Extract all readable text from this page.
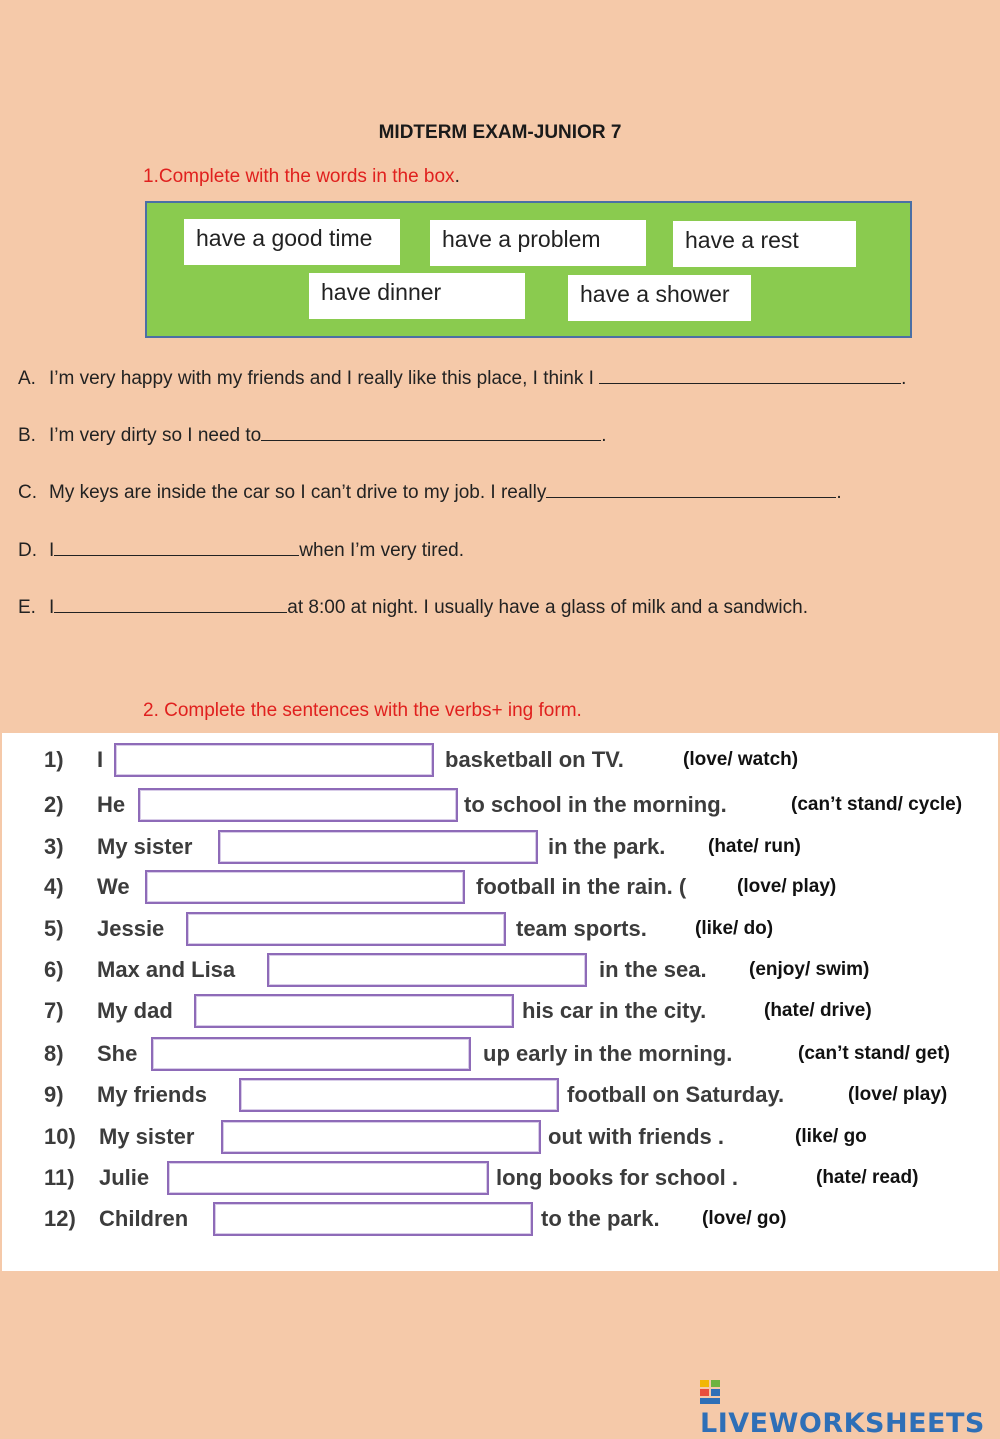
MIDTERM EXAM-JUNIOR 7
1.Complete with the words in the box.
have a good time	have a problem	have a rest
have dinner	have a shower
A. I’m very happy with my friends and I really like this place, I think I	.
B. I’m very dirty so I need to	.
C. My keys are inside the car so I can’t drive to my job. I really	.
D. I	when I’m very tired.
E. I	at 8:00 at night. I usually have a glass of milk and a sandwich.
2. Complete the sentences with the verbs+ ing form.
1) I	basketball on TV.	(love/ watch)
2) He	to school in the morning.	(can’t stand/ cycle)
3) My sister	in the park. (hate/ run)
4) We	football in the rain. (	(love/ play)
5) Jessie	team sports.	(like/ do)
6) Max and Lisa	in the sea. (enjoy/ swim)
7) My dad	his car in the city.	(hate/ drive)
8) She	up early in the morning.	(can’t stand/ get)
9) My friends	football on Saturday.	(love/ play)
10) My sister	out with friends .	(like/ go
11) Julie	long books for school .	(hate/ read)
12) Children	to the park. (love/ go)
LIVEWORKSHEETS
